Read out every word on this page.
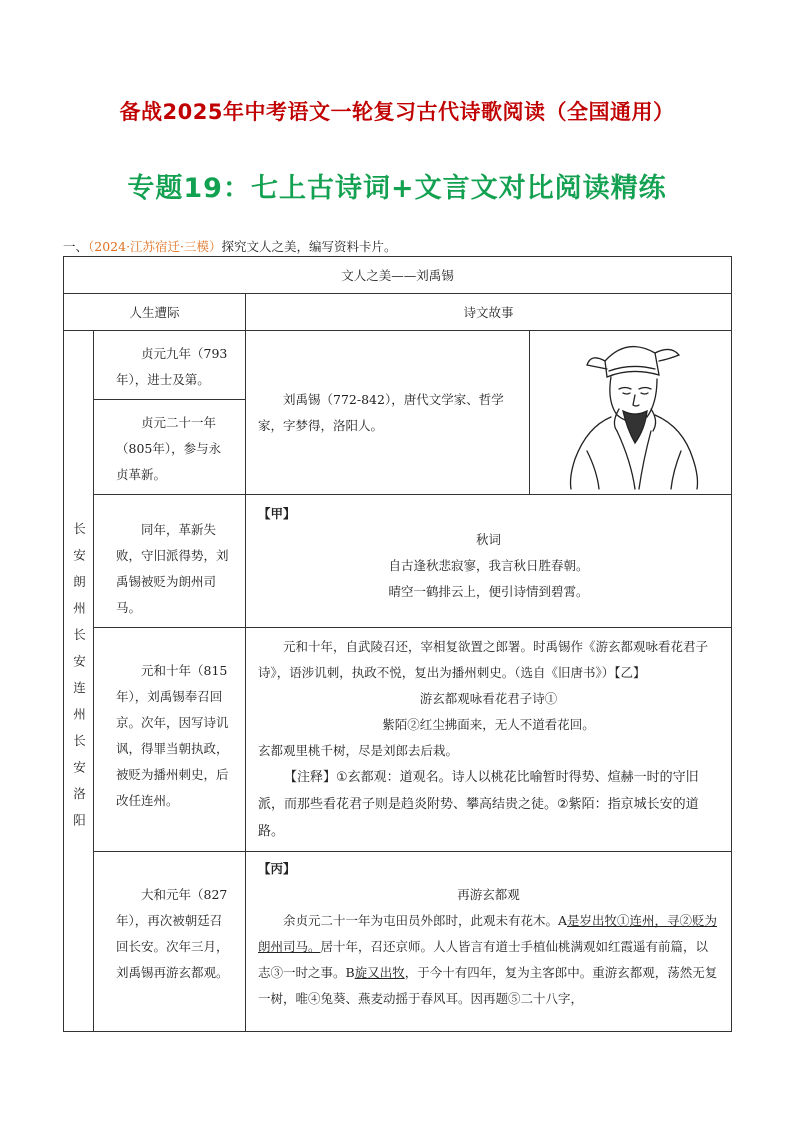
备战2025年中考语文一轮复习古代诗歌阅读（全国通用）
专题19：七上古诗词+文言文对比阅读精练
一、（2024·江苏宿迁·三模）探究文人之美，编写资料卡片。
文人之美——刘禹锡			
人生遭际		诗文故事	
长安朗州长安连州长安洛阳	贞元九年（793年），进士及第。	刘禹锡（772-842），唐代文学家、哲学家，字梦得，洛阳人。

	贞元二十一年（805年），参与永贞革新。		

	同年，革新失败，守旧派得势，刘禹锡被贬为朗州司马。	【甲】

秋词

自古逢秋悲寂寥，我言秋日胜春朝。

晴空一鹤排云上，便引诗情到碧霄。	

	元和十年（815年），刘禹锡奉召回京。次年，因写诗讥讽，得罪当朝执政，被贬为播州刺史，后改任连州。	元和十年，自武陵召还，宰相复欲置之郎署。时禹锡作《游玄都观咏看花君子诗》，语涉讥刺，执政不悦，复出为播州刺史。（选自《旧唐书》）【乙】

游玄都观咏看花君子诗①

紫陌②红尘拂面来，无人不道看花回。

玄都观里桃千树，尽是刘郎去后栽。

【注释】①玄都观：道观名。诗人以桃花比喻暂时得势、煊赫一时的守旧派，而那些看花君子则是趋炎附势、攀高结贵之徒。②紫陌：指京城长安的道路。	

	大和元年（827年），再次被朝廷召回长安。次年三月，刘禹锡再游玄都观。	【丙】

再游玄都观

余贞元二十一年为屯田员外郎时，此观未有花木。A是岁出牧①连州，寻②贬为朗州司马。居十年，召还京师。人人皆言有道士手植仙桃满观如红霞遥有前篇，以志③一时之事。B旋又出牧，于今十有四年，复为主客郎中。重游玄都观，荡然无复一树，唯④兔葵、燕麦动摇于春风耳。因再题⑤二十八字，	
